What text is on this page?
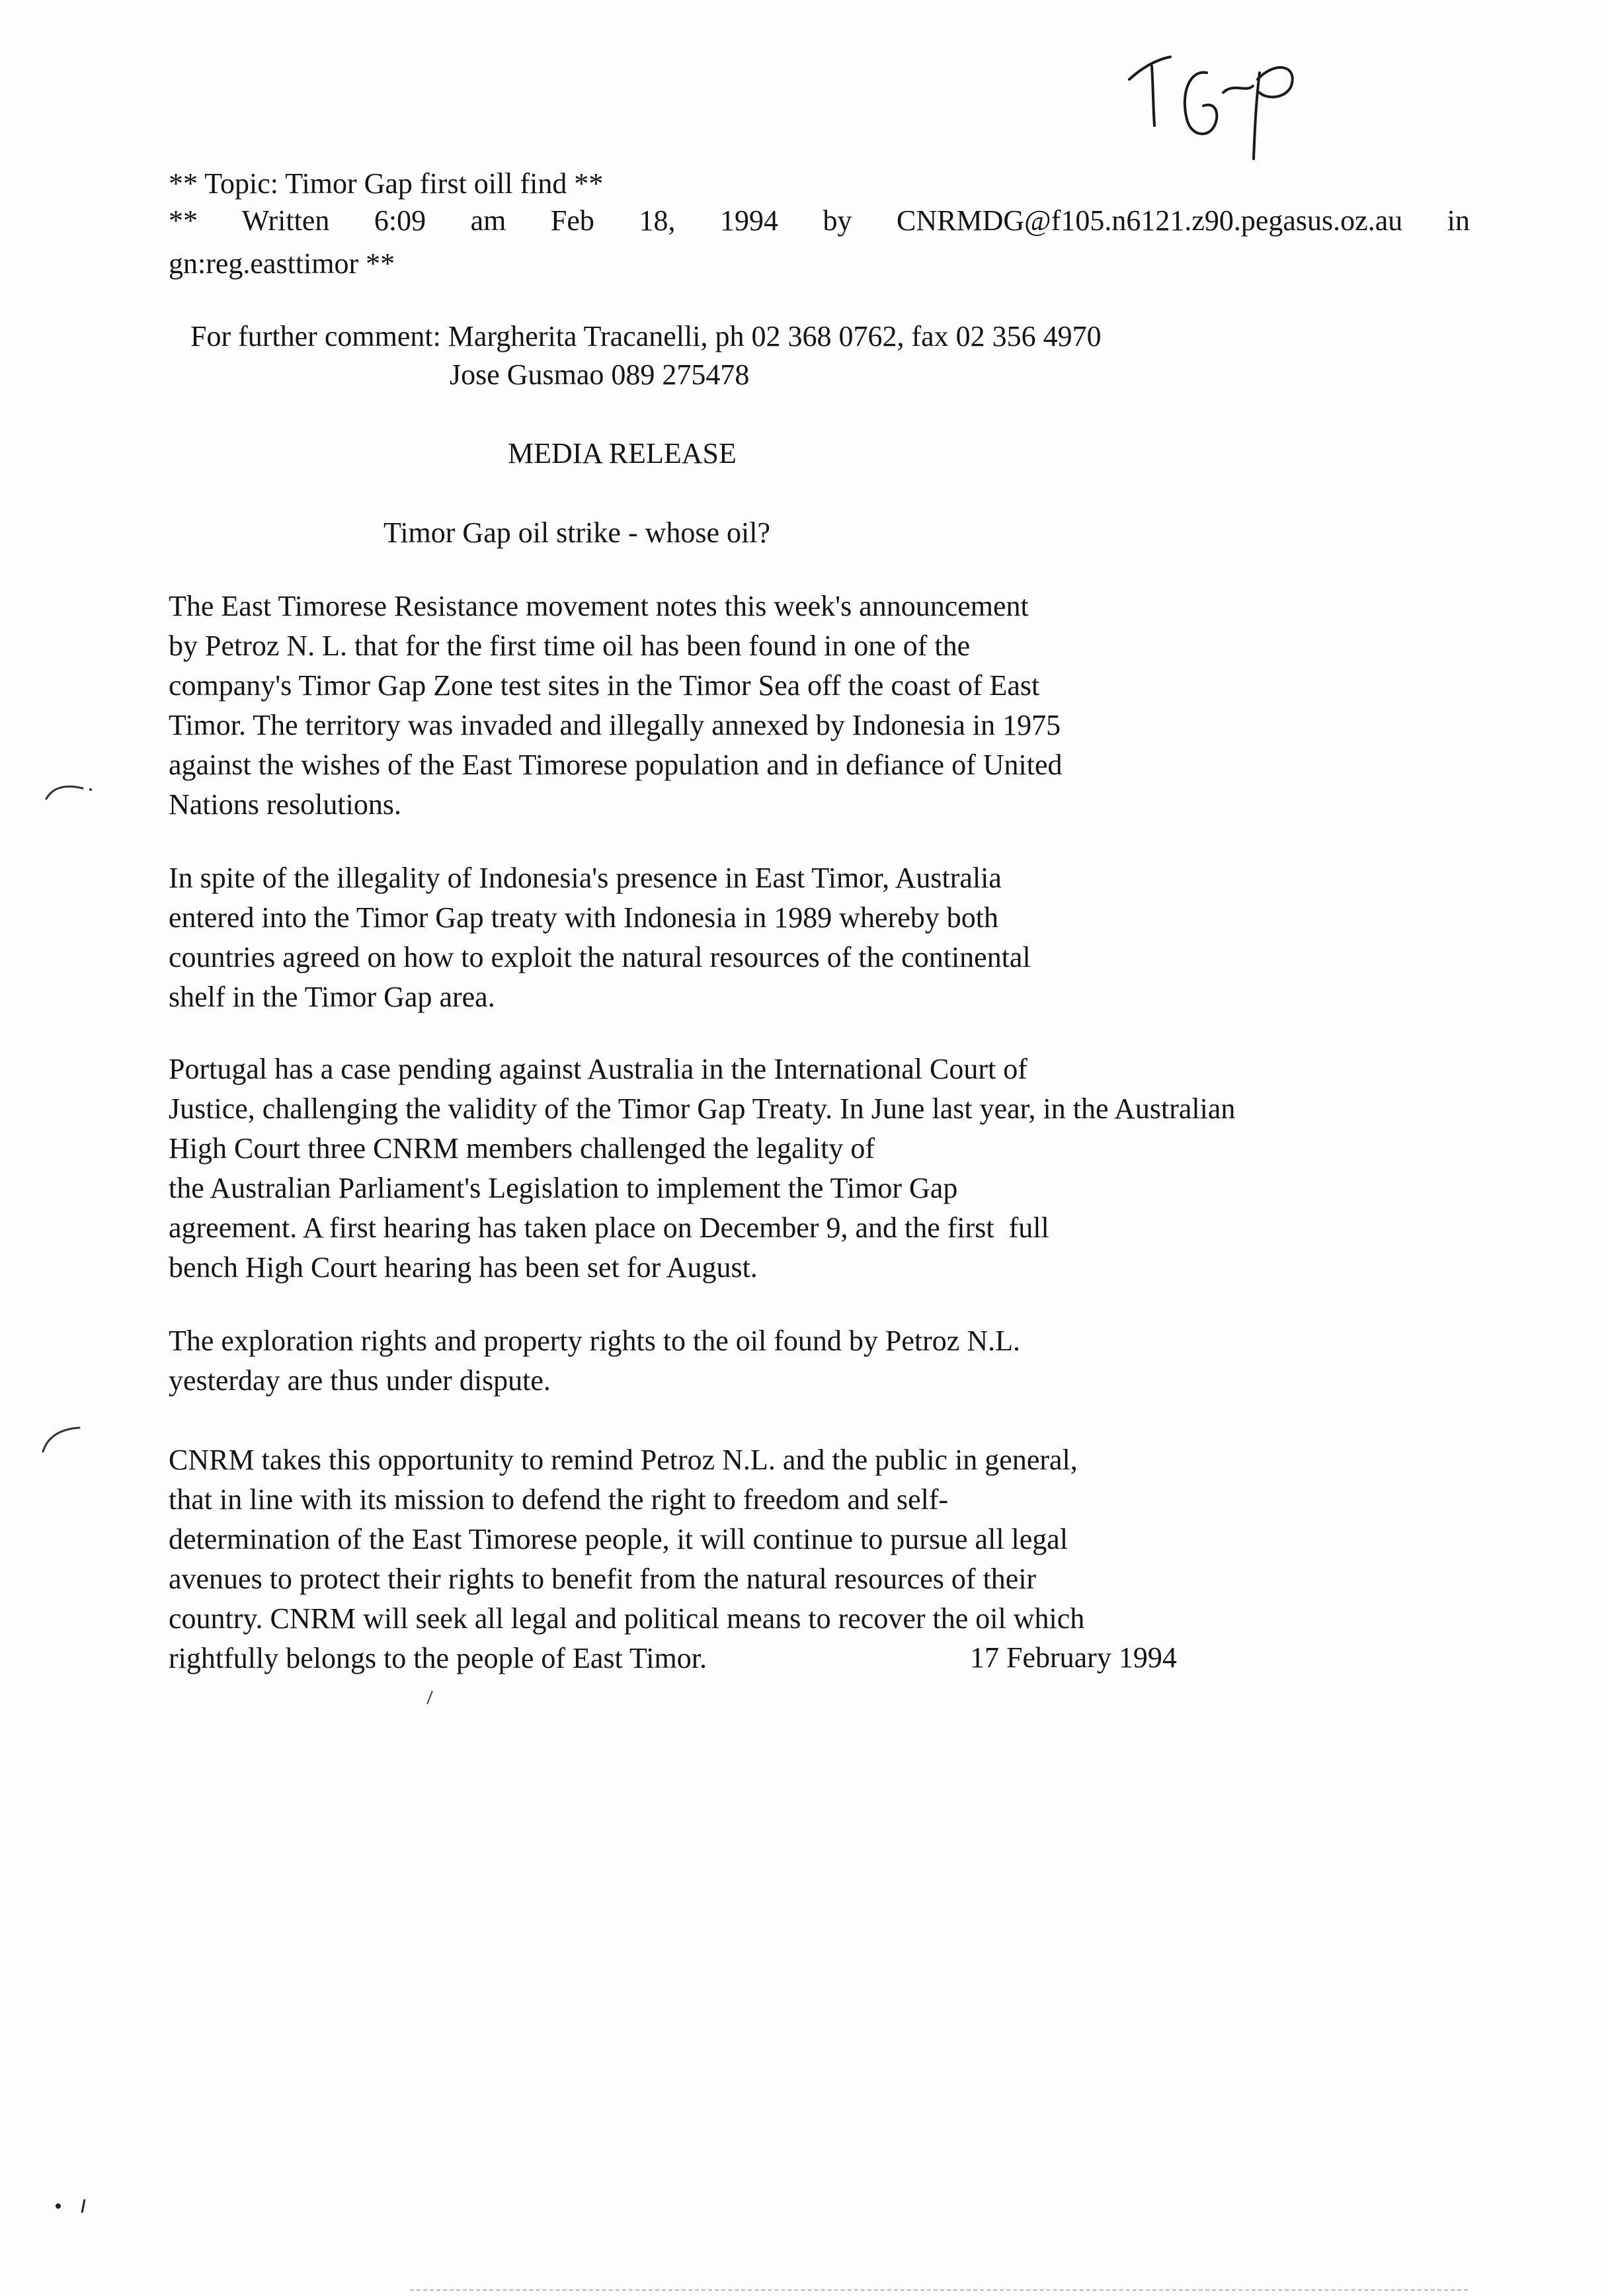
** Topic: Timor Gap first oill find **

** Written 6:09 am Feb 18, 1994 by CNRMDG@f105.n6121.z90.pegasus.oz.au in

gn:reg.easttimor **

For further comment: Margherita Tracanelli, ph 02 368 0762, fax 02 356 4970

Jose Gusmao 089 275478

MEDIA RELEASE

Timor Gap oil strike - whose oil?

The East Timorese Resistance movement notes this week's announcement
by Petroz N. L. that for the first time oil has been found in one of the
company's Timor Gap Zone test sites in the Timor Sea off the coast of East
Timor. The territory was invaded and illegally annexed by Indonesia in 1975
against the wishes of the East Timorese population and in defiance of United
Nations resolutions.
In spite of the illegality of Indonesia's presence in East Timor, Australia
entered into the Timor Gap treaty with Indonesia in 1989 whereby both
countries agreed on how to exploit the natural resources of the continental
shelf in the Timor Gap area.
Portugal has a case pending against Australia in the International Court of
Justice, challenging the validity of the Timor Gap Treaty. In June last year, in the Australian
High Court three CNRM members challenged the legality of
the Australian Parliament's Legislation to implement the Timor Gap
agreement. A first hearing has taken place on December 9, and the first  full
bench High Court hearing has been set for August.
The exploration rights and property rights to the oil found by Petroz N.L.
yesterday are thus under dispute.
CNRM takes this opportunity to remind Petroz N.L. and the public in general,
that in line with its mission to defend the right to freedom and self-
determination of the East Timorese people, it will continue to pursue all legal
avenues to protect their rights to benefit from the natural resources of their
country. CNRM will seek all legal and political means to recover the oil which
rightfully belongs to the people of East Timor.	17 February 1994
